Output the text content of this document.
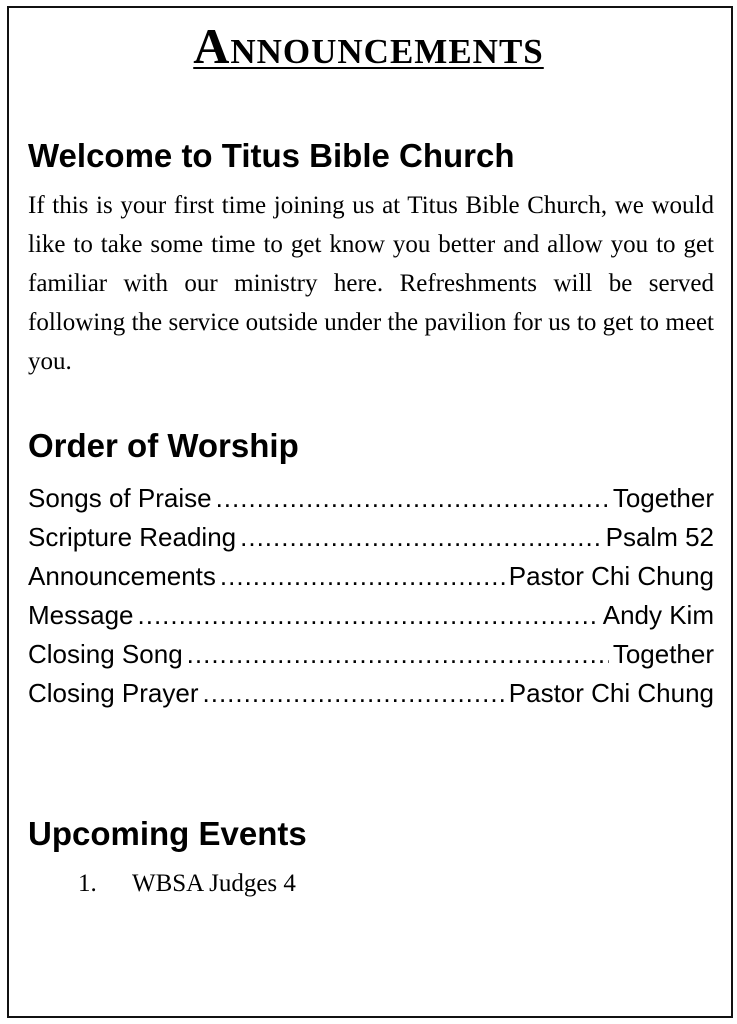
Announcements
Welcome to Titus Bible Church

If this is your first time joining us at Titus Bible Church, we would like to take some time to get know you better and allow you to get familiar with our ministry here. Refreshments will be served following the service outside under the pavilion for us to get to meet you.

Order of Worship
Songs of Praise .....	Together
Scripture Reading .....	Psalm 52
Announcements .....	Pastor Chi Chung
Message .....	Andy Kim
Closing Song .....	Together
Closing Prayer .....	Pastor Chi Chung
Upcoming Events
1.	WBSA Judges 4
